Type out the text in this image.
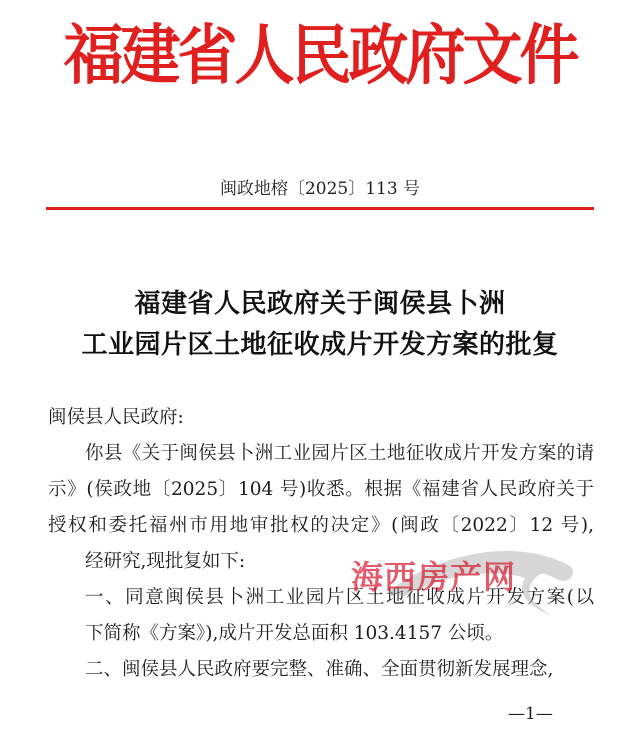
福建省人民政府文件
闽政地榕〔2025〕113 号
福建省人民政府关于闽侯县卜洲
工业园片区土地征收成片开发方案的批复
闽侯县人民政府:
你县《关于闽侯县卜洲工业园片区土地征收成片开发方案的请示》(侯政地〔2025〕104 号)收悉。根据《福建省人民政府关于授权和委托福州市用地审批权的决定》(闽政〔2022〕12 号),
经研究,现批复如下:
一、同意闽侯县卜洲工业园片区土地征收成片开发方案(以
下简称《方案》),成片开发总面积 103.4157 公顷。
二、闽侯县人民政府要完整、准确、全面贯彻新发展理念,
海西房产网
—1—
